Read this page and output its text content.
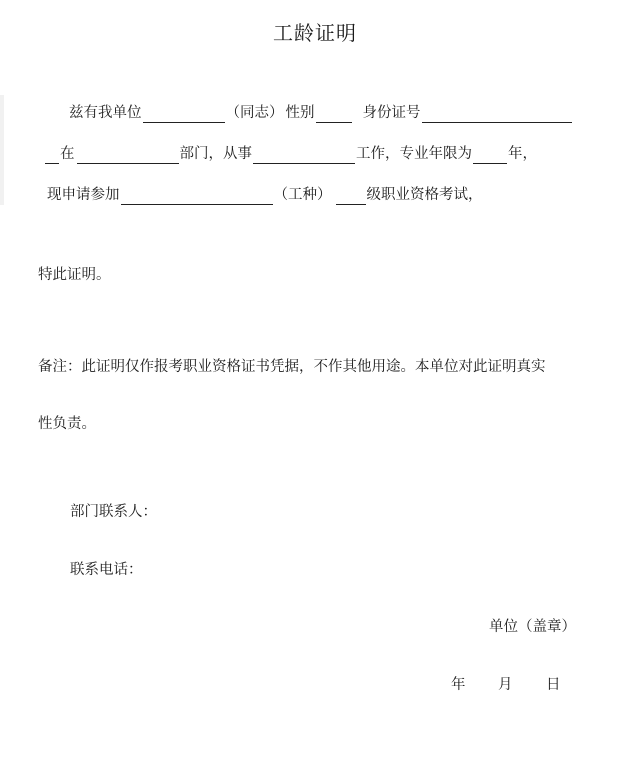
工龄证明
兹有我单位	（同志） 性别	身份证号
在	部门，从事	工作，专业年限为 年，
现申请参加	（工种） 级职业资格考试，
特此证明。
备注：此证明仅作报考职业资格证书凭据，不作其他用途。本单位对此证明真实
性负责。
部门联系人：
联系电话：
单位（盖章）
年 月 日
